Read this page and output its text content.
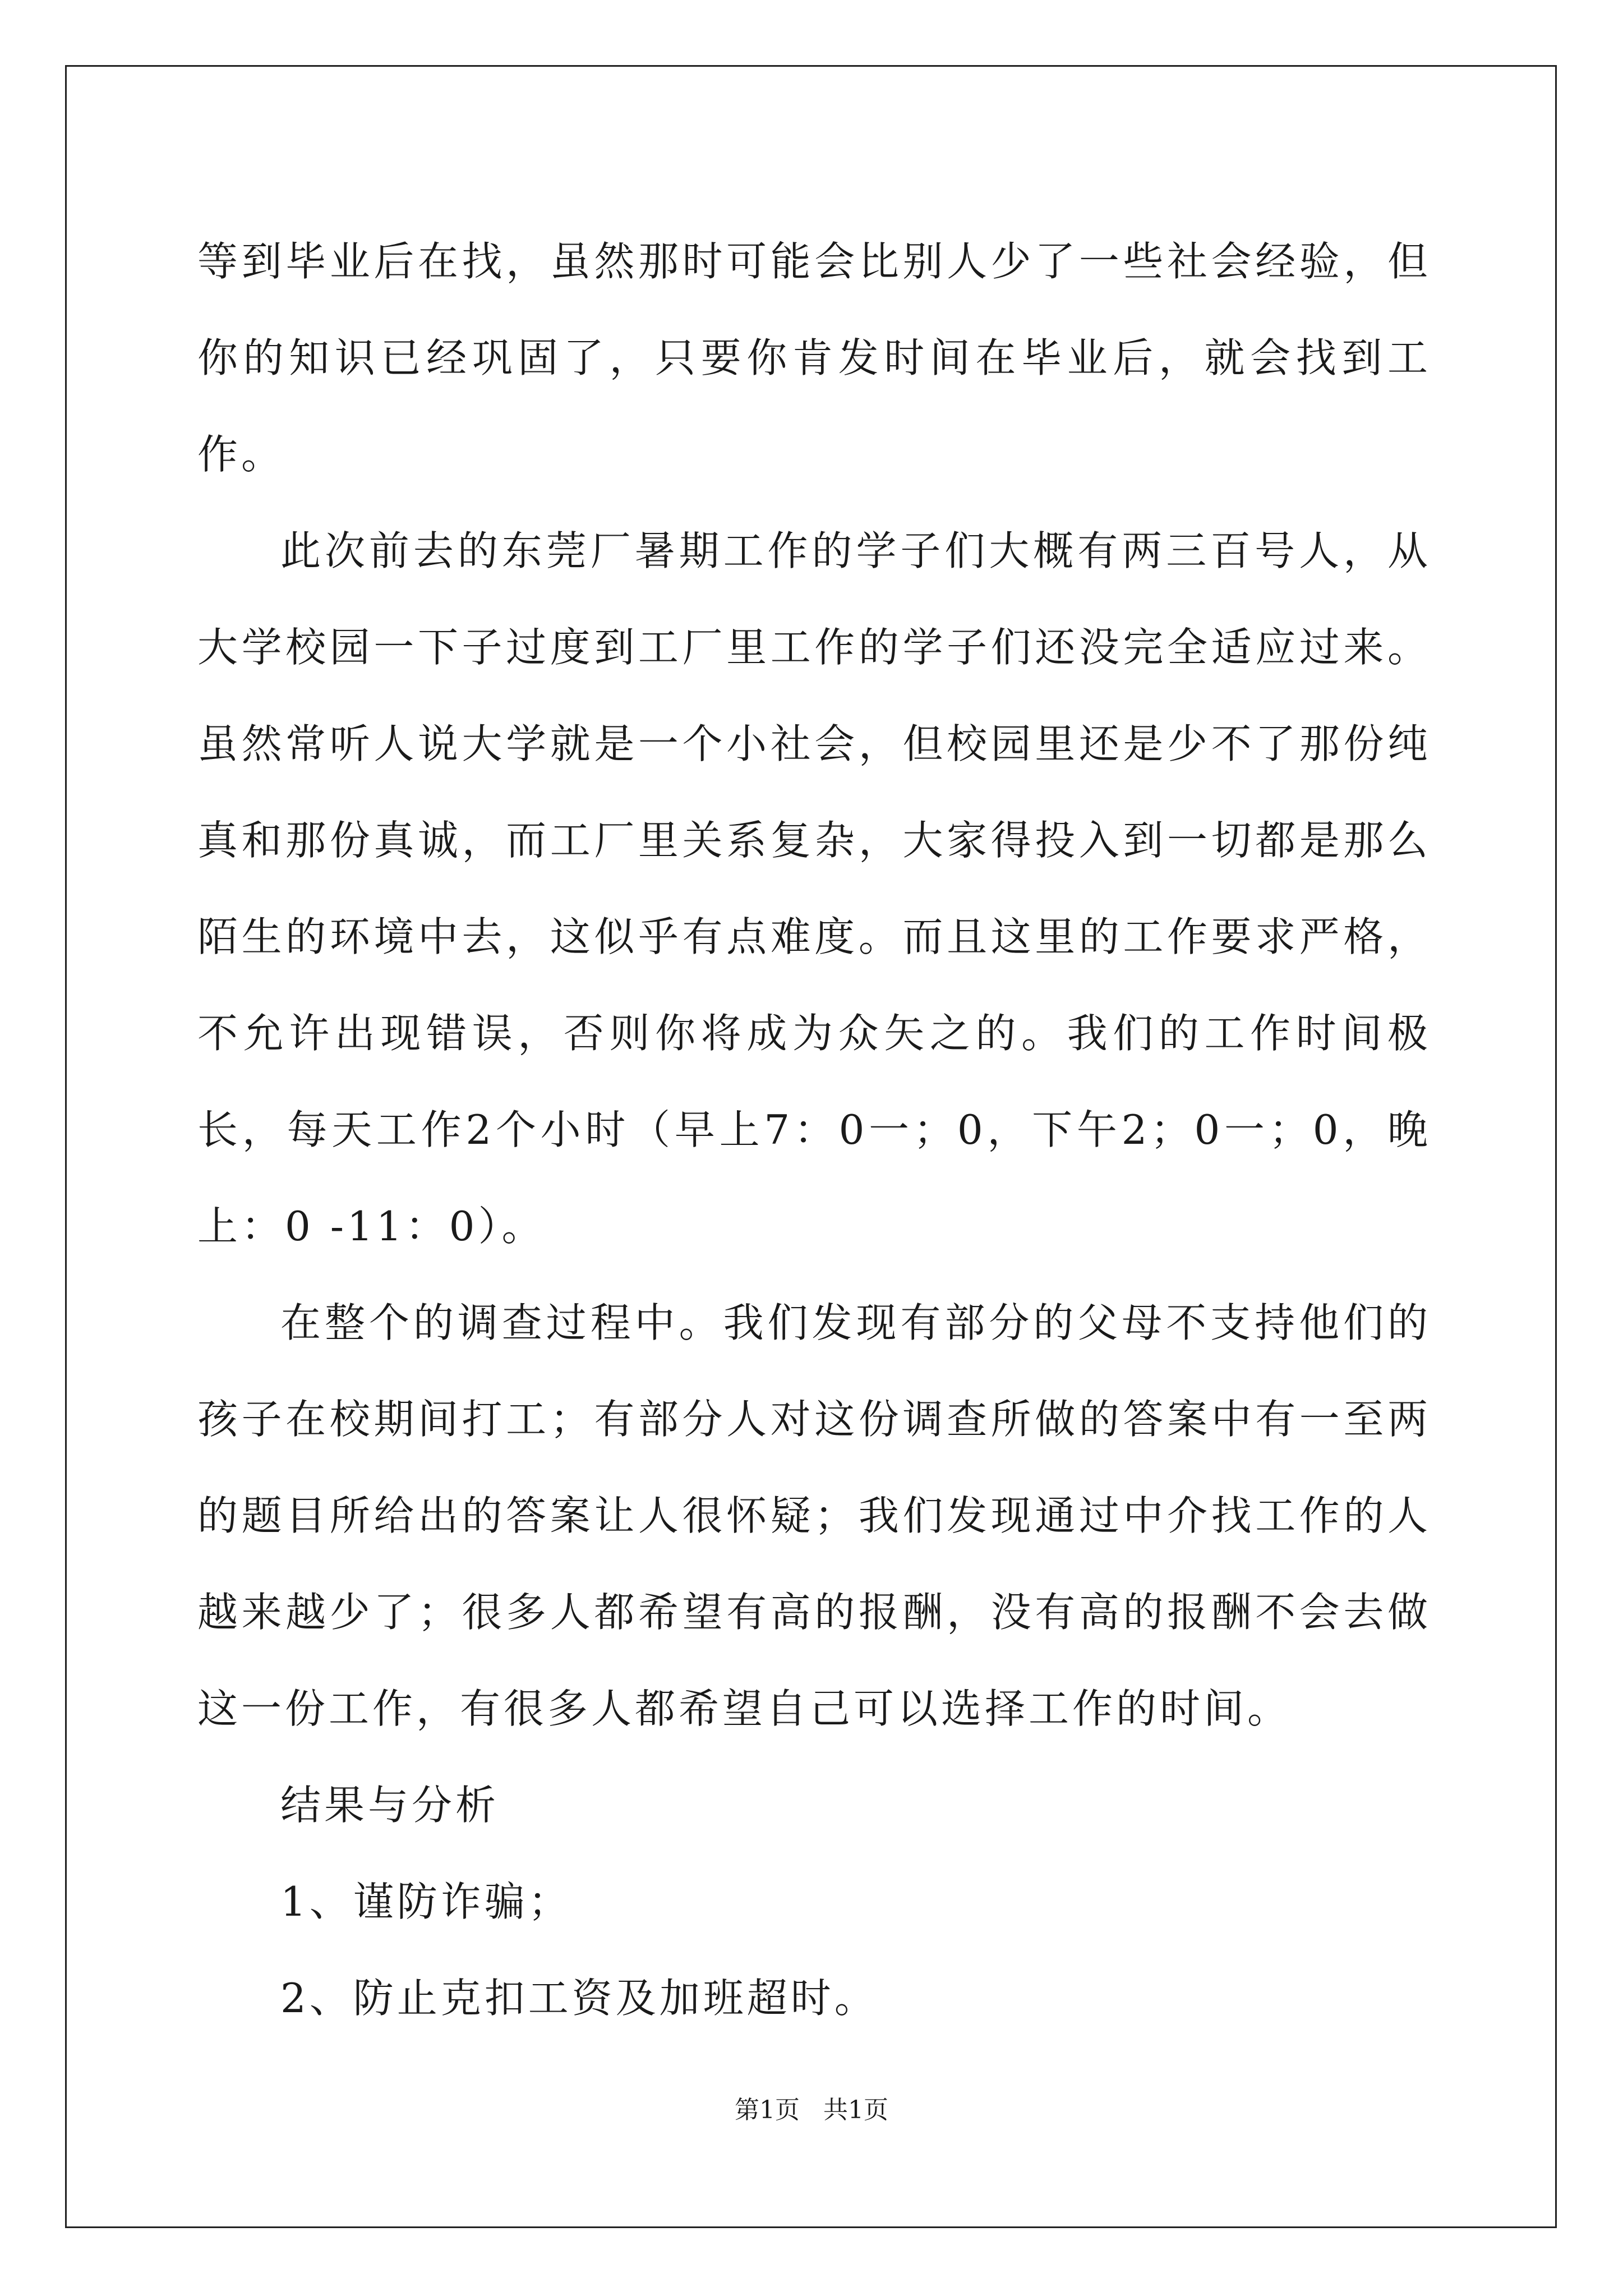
等到毕业后在找，虽然那时可能会比别人少了一些社会经验，但你的知识已经巩固了，只要你肯发时间在毕业后，就会找到工作。

此次前去的东莞厂暑期工作的学子们大概有两三百号人，从大学校园一下子过度到工厂里工作的学子们还没完全适应过来。虽然常听人说大学就是一个小社会，但校园里还是少不了那份纯真和那份真诚，而工厂里关系复杂，大家得投入到一切都是那么陌生的环境中去，这似乎有点难度。而且这里的工作要求严格，不允许出现错误，否则你将成为众矢之的。我们的工作时间极长，每天工作2个小时（早上7：0一；0，下午2；0一；0，晚上：0 -11：0）。

在整个的调查过程中。我们发现有部分的父母不支持他们的孩子在校期间打工；有部分人对这份调查所做的答案中有一至两的题目所给出的答案让人很怀疑；我们发现通过中介找工作的人越来越少了；很多人都希望有高的报酬，没有高的报酬不会去做这一份工作，有很多人都希望自己可以选择工作的时间。

结果与分析

1、谨防诈骗；

2、防止克扣工资及加班超时。

第1页 共1页
